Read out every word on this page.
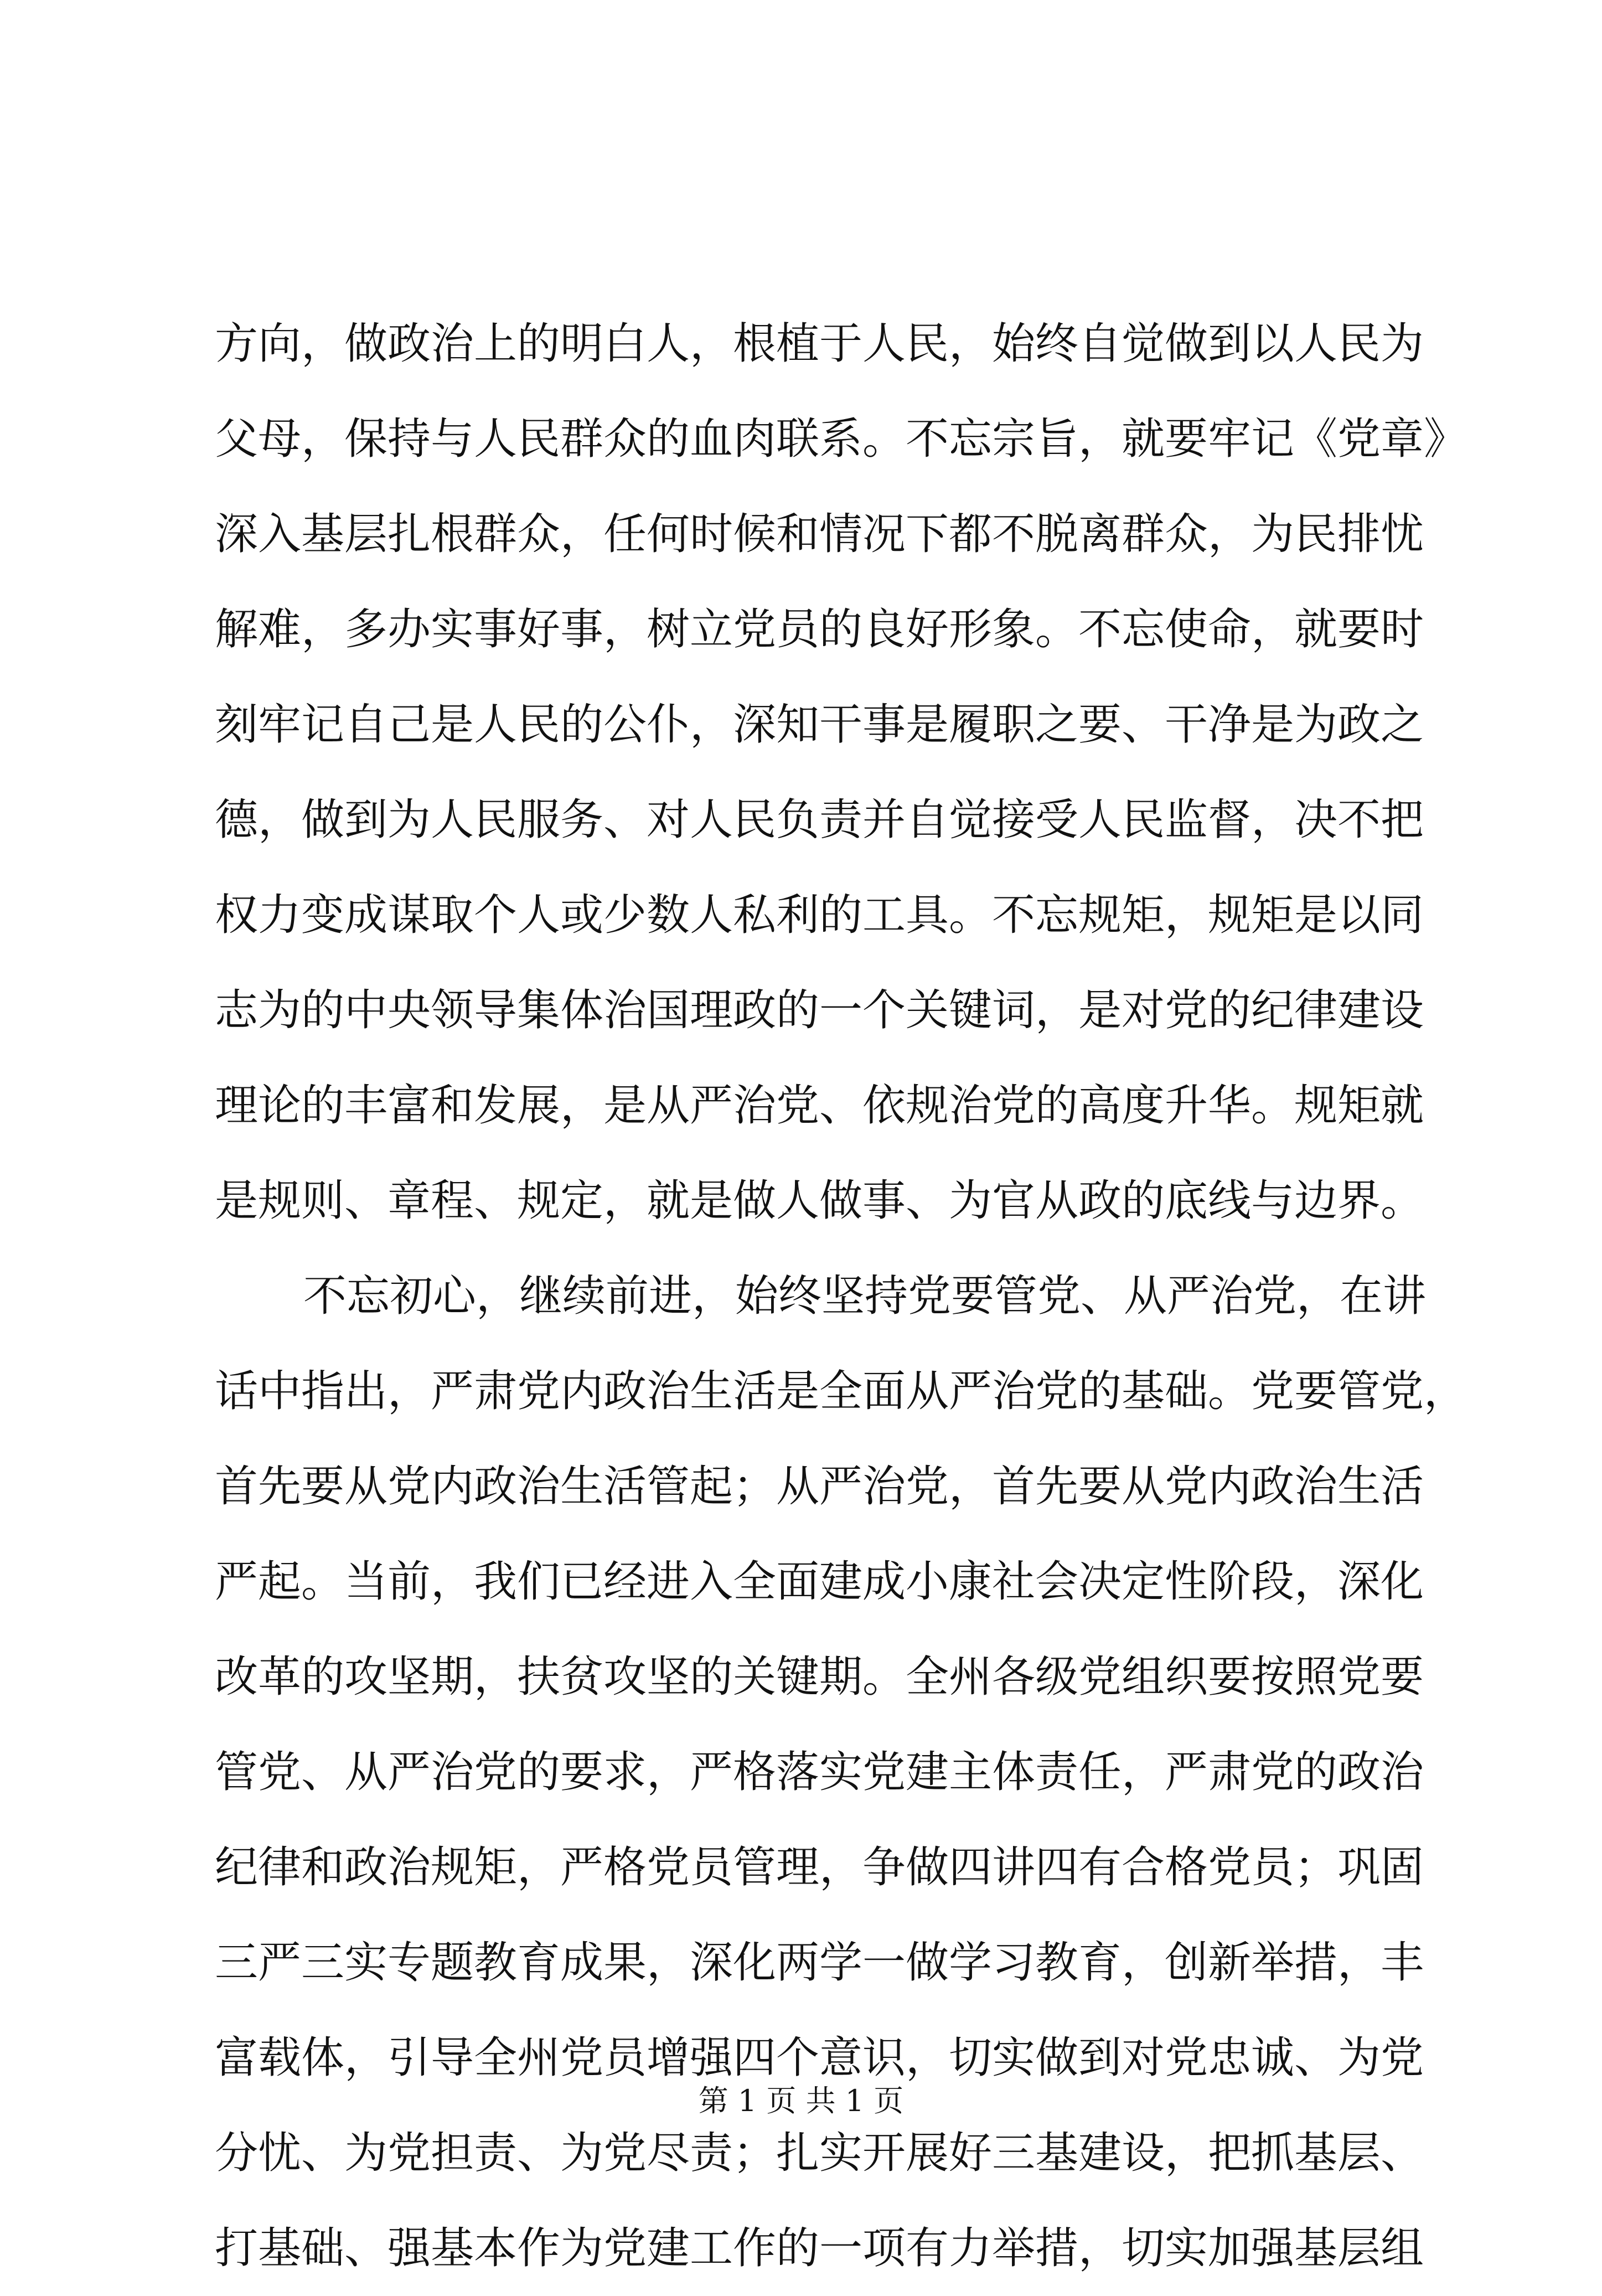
方向，做政治上的明白人，根植于人民，始终自觉做到以人民为
父母，保持与人民群众的血肉联系。不忘宗旨，就要牢记《党章》
深入基层扎根群众，任何时候和情况下都不脱离群众，为民排忧
解难，多办实事好事，树立党员的良好形象。不忘使命，就要时
刻牢记自己是人民的公仆，深知干事是履职之要、干净是为政之
德，做到为人民服务、对人民负责并自觉接受人民监督，决不把
权力变成谋取个人或少数人私利的工具。不忘规矩，规矩是以同
志为的中央领导集体治国理政的一个关键词，是对党的纪律建设
理论的丰富和发展，是从严治党、依规治党的高度升华。规矩就
是规则、章程、规定，就是做人做事、为官从政的底线与边界。
不忘初心，继续前进，始终坚持党要管党、从严治党，在讲
话中指出，严肃党内政治生活是全面从严治党的基础。党要管党，
首先要从党内政治生活管起；从严治党，首先要从党内政治生活
严起。当前，我们已经进入全面建成小康社会决定性阶段，深化
改革的攻坚期，扶贫攻坚的关键期。全州各级党组织要按照党要
管党、从严治党的要求，严格落实党建主体责任，严肃党的政治
纪律和政治规矩，严格党员管理，争做四讲四有合格党员；巩固
三严三实专题教育成果，深化两学一做学习教育，创新举措，丰
富载体，引导全州党员增强四个意识，切实做到对党忠诚、为党
分忧、为党担责、为党尽责；扎实开展好三基建设，把抓基层、
打基础、强基本作为党建工作的一项有力举措，切实加强基层组
第 1 页 共 1 页
